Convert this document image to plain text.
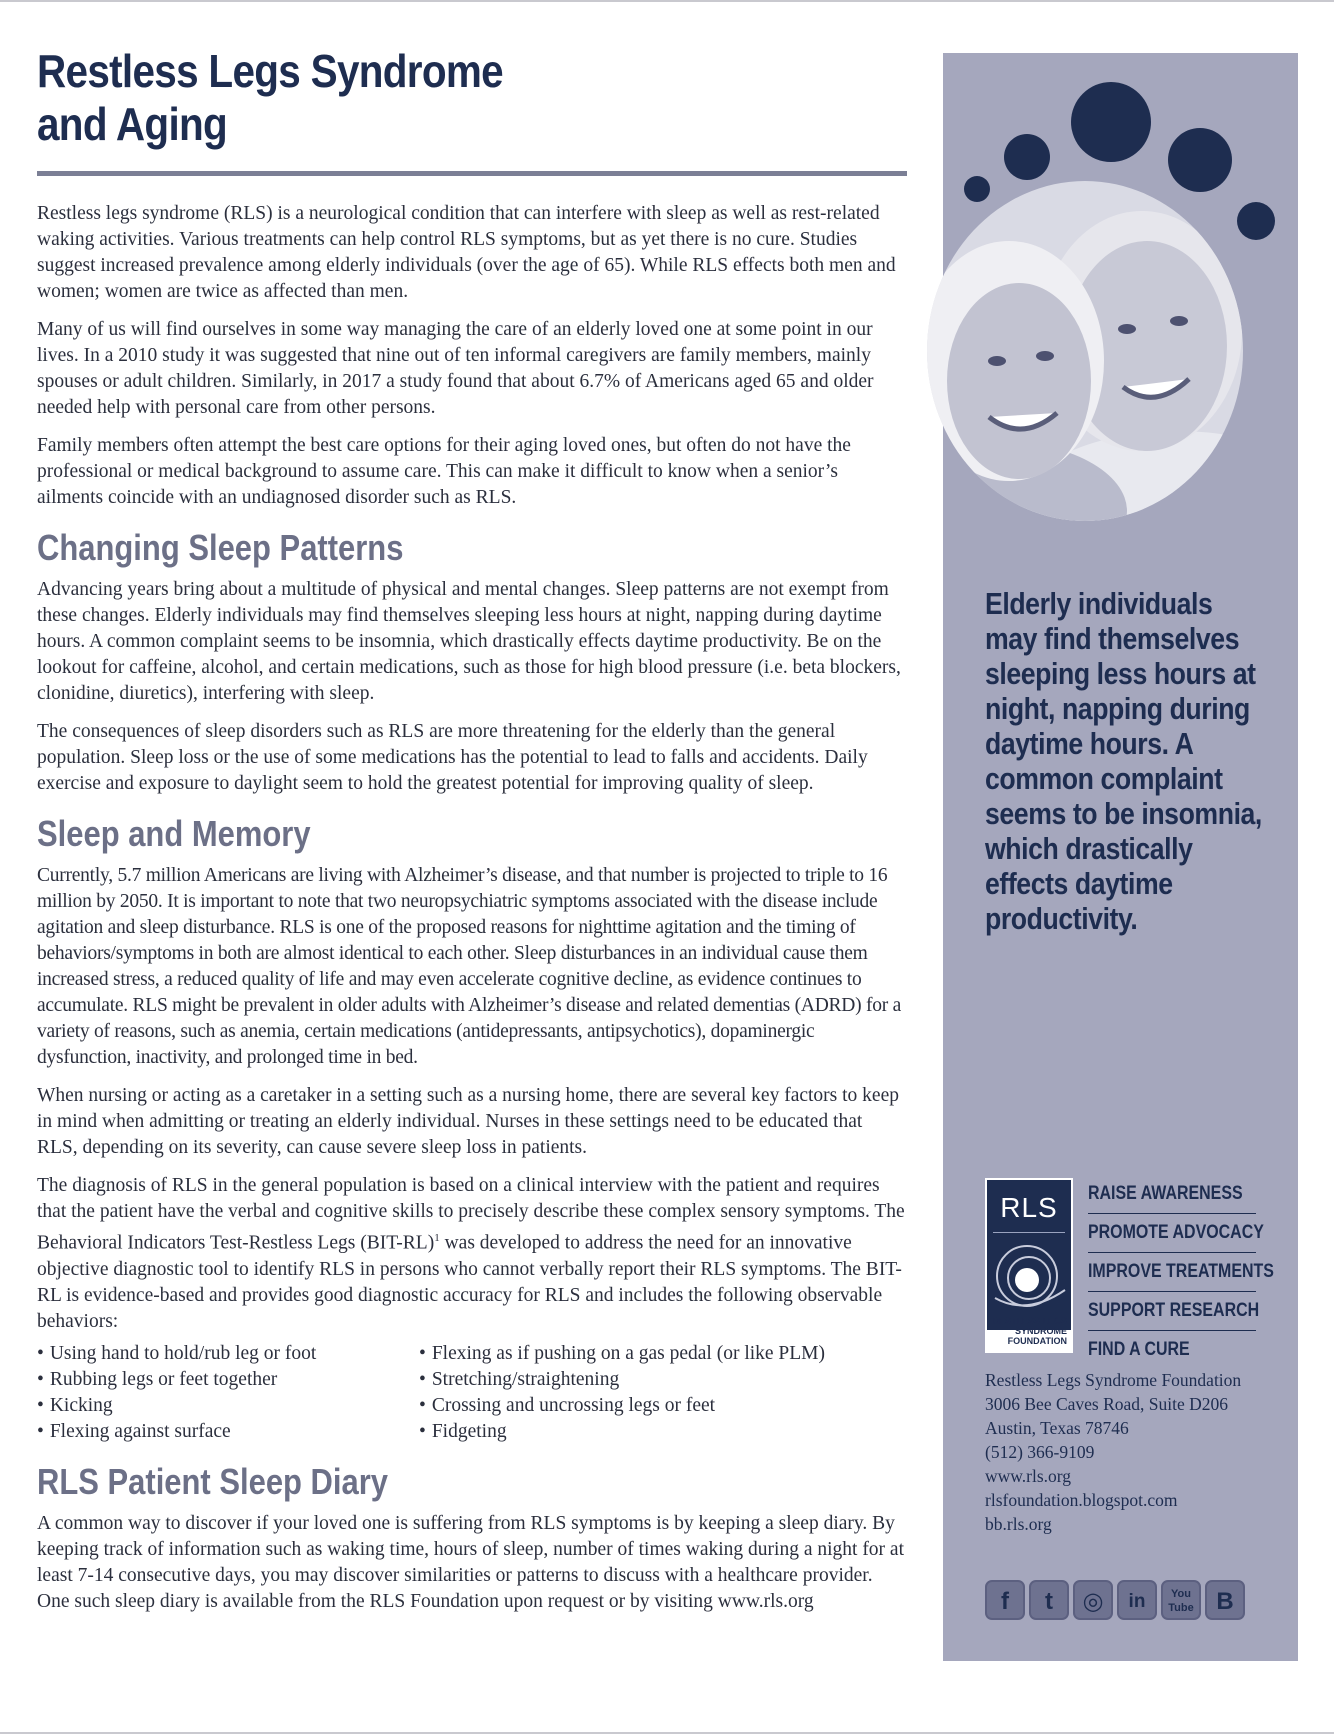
Restless Legs Syndrome
and Aging

Restless legs syndrome (RLS) is a neurological condition that can interfere with sleep as well as rest-related waking activities. Various treatments can help control RLS symptoms, but as yet there is no cure. Studies suggest increased prevalence among elderly individuals (over the age of 65). While RLS effects both men and women; women are twice as affected than men.

Many of us will find ourselves in some way managing the care of an elderly loved one at some point in our lives. In a 2010 study it was suggested that nine out of ten informal caregivers are family members, mainly spouses or adult children. Similarly, in 2017 a study found that about 6.7% of Americans aged 65 and older needed help with personal care from other persons.

Family members often attempt the best care options for their aging loved ones, but often do not have the professional or medical background to assume care. This can make it difficult to know when a senior’s ailments coincide with an undiagnosed disorder such as RLS.

Changing Sleep Patterns

Advancing years bring about a multitude of physical and mental changes. Sleep patterns are not exempt from these changes. Elderly individuals may find themselves sleeping less hours at night, napping during daytime hours. A common complaint seems to be insomnia, which drastically effects daytime productivity. Be on the lookout for caffeine, alcohol, and certain medications, such as those for high blood pressure (i.e. beta blockers, clonidine, diuretics), interfering with sleep.

The consequences of sleep disorders such as RLS are more threatening for the elderly than the general population. Sleep loss or the use of some medications has the potential to lead to falls and accidents. Daily exercise and exposure to daylight seem to hold the greatest potential for improving quality of sleep.

Sleep and Memory

Currently, 5.7 million Americans are living with Alzheimer’s disease, and that number is projected to triple to 16 million by 2050. It is important to note that two neuropsychiatric symptoms associated with the disease include agitation and sleep disturbance. RLS is one of the proposed reasons for nighttime agitation and the timing of behaviors/symptoms in both are almost identical to each other. Sleep disturbances in an individual cause them increased stress, a reduced quality of life and may even accelerate cognitive decline, as evidence continues to accumulate. RLS might be prevalent in older adults with Alzheimer’s disease and related dementias (ADRD) for a variety of reasons, such as anemia, certain medications (antidepressants, antipsychotics), dopaminergic dysfunction, inactivity, and prolonged time in bed.

When nursing or acting as a caretaker in a setting such as a nursing home, there are several key factors to keep in mind when admitting or treating an elderly individual. Nurses in these settings need to be educated that RLS, depending on its severity, can cause severe sleep loss in patients.

The diagnosis of RLS in the general population is based on a clinical interview with the patient and requires that the patient have the verbal and cognitive skills to precisely describe these complex sensory symptoms. The Behavioral Indicators Test-Restless Legs $(BIT-RL)^1$ was developed to address the need for an innovative objective diagnostic tool to identify RLS in persons who cannot verbally report their RLS symptoms. The BIT-RL is evidence-based and provides good diagnostic accuracy for RLS and includes the following observable behaviors:

• Using hand to hold/rub leg or foot
• Rubbing legs or feet together
• Kicking
• Flexing against surface
• Flexing as if pushing on a gas pedal (or like PLM)
• Stretching/straightening
• Crossing and uncrossing legs or feet
• Fidgeting
RLS Patient Sleep Diary

A common way to discover if your loved one is suffering from RLS symptoms is by keeping a sleep diary. By keeping track of information such as waking time, hours of sleep, number of times waking during a night for at least 7-14 consecutive days, you may discover similarities or patterns to discuss with a healthcare provider. One such sleep diary is available from the RLS Foundation upon request or by visiting www.rls.org

Elderly individuals may find themselves sleeping less hours at night, napping during daytime hours. A common complaint seems to be insomnia, which drastically effects daytime productivity.
RLS
RESTLESS LEGS
SYNDROME
FOUNDATION
RAISE AWARENESS
PROMOTE ADVOCACY
IMPROVE TREATMENTS
SUPPORT RESEARCH
FIND A CURE
Restless Legs Syndrome Foundation
3006 Bee Caves Road, Suite D206
Austin, Texas 78746
(512) 366-9109
www.rls.org
rlsfoundation.blogspot.com
bb.rls.org
f	t	◎	in	You Tube B
